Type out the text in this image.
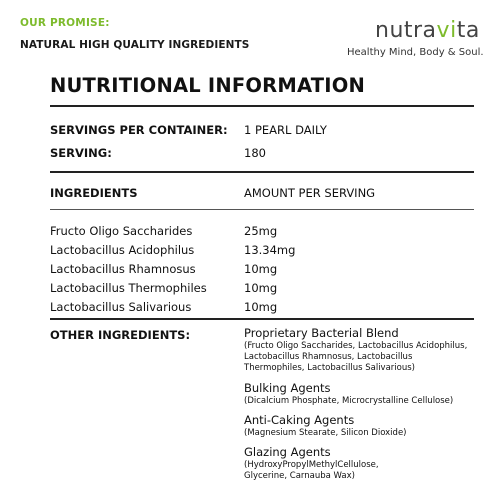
OUR PROMISE:
NATURAL HIGH QUALITY INGREDIENTS
nutravita
Healthy Mind, Body & Soul.
NUTRITIONAL INFORMATION
SERVINGS PER CONTAINER: 1 PEARL DAILY
SERVING:	180
INGREDIENTS	AMOUNT PER SERVING
Fructo Oligo Saccharides	25mg
Lactobacillus Acidophilus	13.34mg
Lactobacillus Rhamnosus	10mg
Lactobacillus Thermophiles	10mg
Lactobacillus Salivarious	10mg
OTHER INGREDIENTS:	Proprietary Bacterial Blend
(Fructo Oligo Saccharides, Lactobacillus Acidophilus,
Lactobacillus Rhamnosus, Lactobacillus
Thermophiles, Lactobacillus Salivarious)
Bulking Agents
(Dicalcium Phosphate, Microcrystalline Cellulose)
Anti-Caking Agents
(Magnesium Stearate, Silicon Dioxide)
Glazing Agents
(HydroxyPropylMethylCellulose,
Glycerine, Carnauba Wax)
